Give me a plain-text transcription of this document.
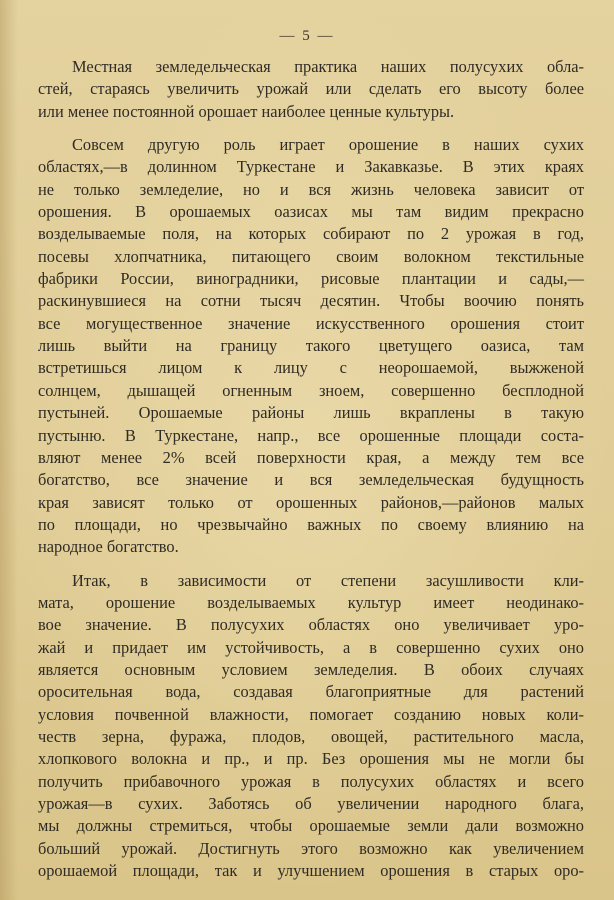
— 5 —
Местная земледельческая практика наших полусухих обла-
стей, стараясь увеличить урожай или сделать его высоту более
или менее постоянной орошает наиболее ценные культуры.
Совсем другую роль играет орошение в наших сухих
областях,—в долинном Туркестане и Закавказье. В этих краях
не только земледелие, но и вся жизнь человека зависит от
орошения. В орошаемых оазисах мы там видим прекрасно
возделываемые поля, на которых собирают по 2 урожая в год,
посевы хлопчатника, питающего своим волокном текстильные
фабрики России, виноградники, рисовые плантации и сады,—
раскинувшиеся на сотни тысяч десятин. Чтобы воочию понять
все могущественное значение искусственного орошения стоит
лишь выйти на границу такого цветущего оазиса, там
встретишься лицом к лицу с неорошаемой, выжженой
солнцем, дышащей огненным зноем, совершенно бесплодной
пустыней. Орошаемые районы лишь вкраплены в такую
пустыню. В Туркестане, напр., все орошенные площади соста-
вляют менее 2% всей поверхности края, а между тем все
богатство, все значение и вся земледельческая будущность
края зависят только от орошенных районов,—районов малых
по площади, но чрезвычайно важных по своему влиянию на
народное богатство.
Итак, в зависимости от степени засушливости кли-
мата, орошение возделываемых культур имеет неодинако-
вое значение. В полусухих областях оно увеличивает уро-
жай и придает им устойчивость, а в совершенно сухих оно
является основным условием земледелия. В обоих случаях
оросительная вода, создавая благоприятные для растений
условия почвенной влажности, помогает созданию новых коли-
честв зерна, фуража, плодов, овощей, растительного масла,
хлопкового волокна и пр., и пр. Без орошения мы не могли бы
получить прибавочного урожая в полусухих областях и всего
урожая—в сухих. Заботясь об увеличении народного блага,
мы должны стремиться, чтобы орошаемые земли дали возможно
больший урожай. Достигнуть этого возможно как увеличением
орошаемой площади, так и улучшением орошения в старых оро-
